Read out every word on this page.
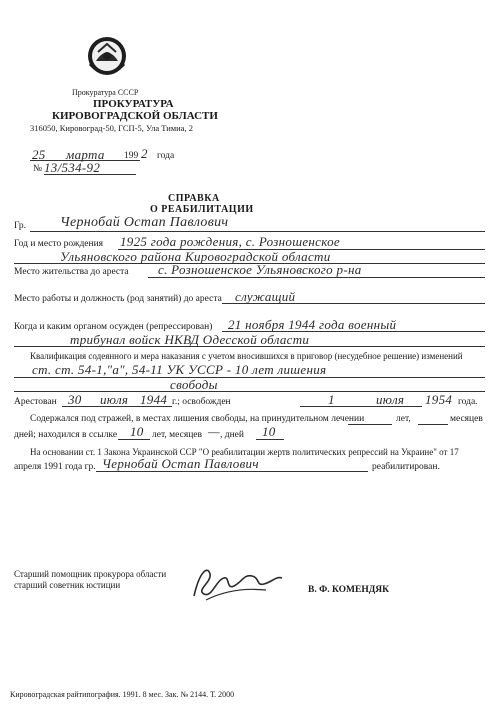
Прокуратура СССР
ПРОКУРАТУРА
КИРОВОГРАДСКОЙ ОБЛАСТИ
316050, Кировоград-50, ГСП-5, Ула Тимиа, 2
25 марта 199 2 года
№ 13/534-92
СПРАВКА
О РЕАБИЛИТАЦИИ
Гр. Чернобай Остап Павлович
Год и место рождения 1925 года рождения, с. Розношенское
Ульяновского района Кировоградской области
Место жительства до ареста с. Розношенское Ульяновского р-на
Место работы и должность (род занятий) до ареста служащий
Когда и каким органом осужден (репрессирован) 21 ноября 1944 года военный
трибунал войск НКВД Одесской области
Квалификация содеянного и мера наказания с учетом вносившихся в приговор (несудебное решение) изменений
ст. ст. 54-1,"а", 54-11 УК УССР - 10 лет лишения
свободы
Арестован 30 июля 1944 г.; освобожден	1	июля 1954 года.
Содержался под стражей, в местах лишения свободы, на принудительном лечении	лет,	месяцев
дней; находился в ссылке 10 лет, месяцев — , дней 10
На основании ст. 1 Закона Украинской ССР "О реабилитации жертв политических репрессий на Украине" от 17
апреля 1991 года гр. Чернобай Остап Павлович	реабилитирован.
Старший помощник прокурора области
старший советник юстиции	В. Ф. КОМЕНДЯК
Кировоградская райтипография. 1991. 8 мес. Зак. № 2144. Т. 2000
